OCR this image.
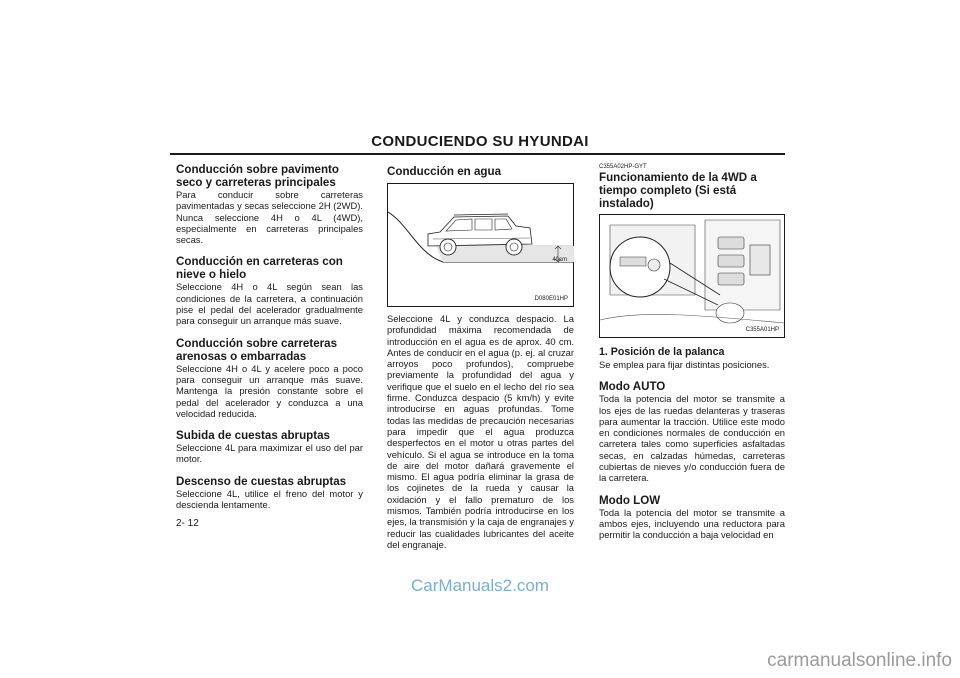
CONDUCIENDO SU HYUNDAI

Conducción sobre pavimento seco y carreteras principales

Para conducir sobre carreteras pavimentadas y secas seleccione 2H (2WD). Nunca seleccione 4H o 4L (4WD), especialmente en carreteras principales secas.

Conducción en carreteras con nieve o hielo

Seleccione 4H o 4L según sean las condiciones de la carretera, a continuación pise el pedal del acelerador gradualmente para conseguir un arranque más suave.

Conducción sobre carreteras arenosas o embarradas

Seleccione 4H o 4L y acelere poco a poco para conseguir un arranque más suave. Mantenga la presión constante sobre el pedal del acelerador y conduzca a una velocidad reducida.

Subida de cuestas abruptas

Seleccione 4L para maximizar el uso del par motor.

Descenso de cuestas abruptas

Seleccione 4L, utilice el freno del motor y descienda lentamente.

Conducción en agua

40cm
D080E01HP

Seleccione 4L y conduzca despacio. La profundidad máxima recomendada de introducción en el agua es de aprox. 40 cm. Antes de conducir en el agua (p. ej. al cruzar arroyos poco profundos), compruebe previamente la profundidad del agua y verifique que el suelo en el lecho del río sea firme. Conduzca despacio (5 km/h) y evite introducirse en aguas profundas. Tome todas las medidas de precaución necesarias para impedir que el agua produzca desperfectos en el motor u otras partes del vehículo. Si el agua se introduce en la toma de aire del motor dañará gravemente el mismo. El agua podría eliminar la grasa de los cojinetes de la rueda y causar la oxidación y el fallo prematuro de los mismos. También podría introducirse en los ejes, la transmisión y la caja de engranajes y reducir las cualidades lubricantes del aceite del engranaje.

C355A02HP-GYT

Funcionamiento de la 4WD a tiempo completo (Si está instalado)

C355A01HP

1. Posición de la palanca

Se emplea para fijar distintas posiciones.

Modo AUTO

Toda la potencia del motor se transmite a los ejes de las ruedas delanteras y traseras para aumentar la tracción. Utilice este modo en condiciones normales de conducción en carretera tales como superficies asfaltadas secas, en calzadas húmedas, carreteras cubiertas de nieves y/o conducción fuera de la carretera.

Modo LOW

Toda la potencia del motor se transmite a ambos ejes, incluyendo una reductora para permitir la conducción a baja velocidad en

2- 12
CarManuals2.com
carmanualsonline.info
